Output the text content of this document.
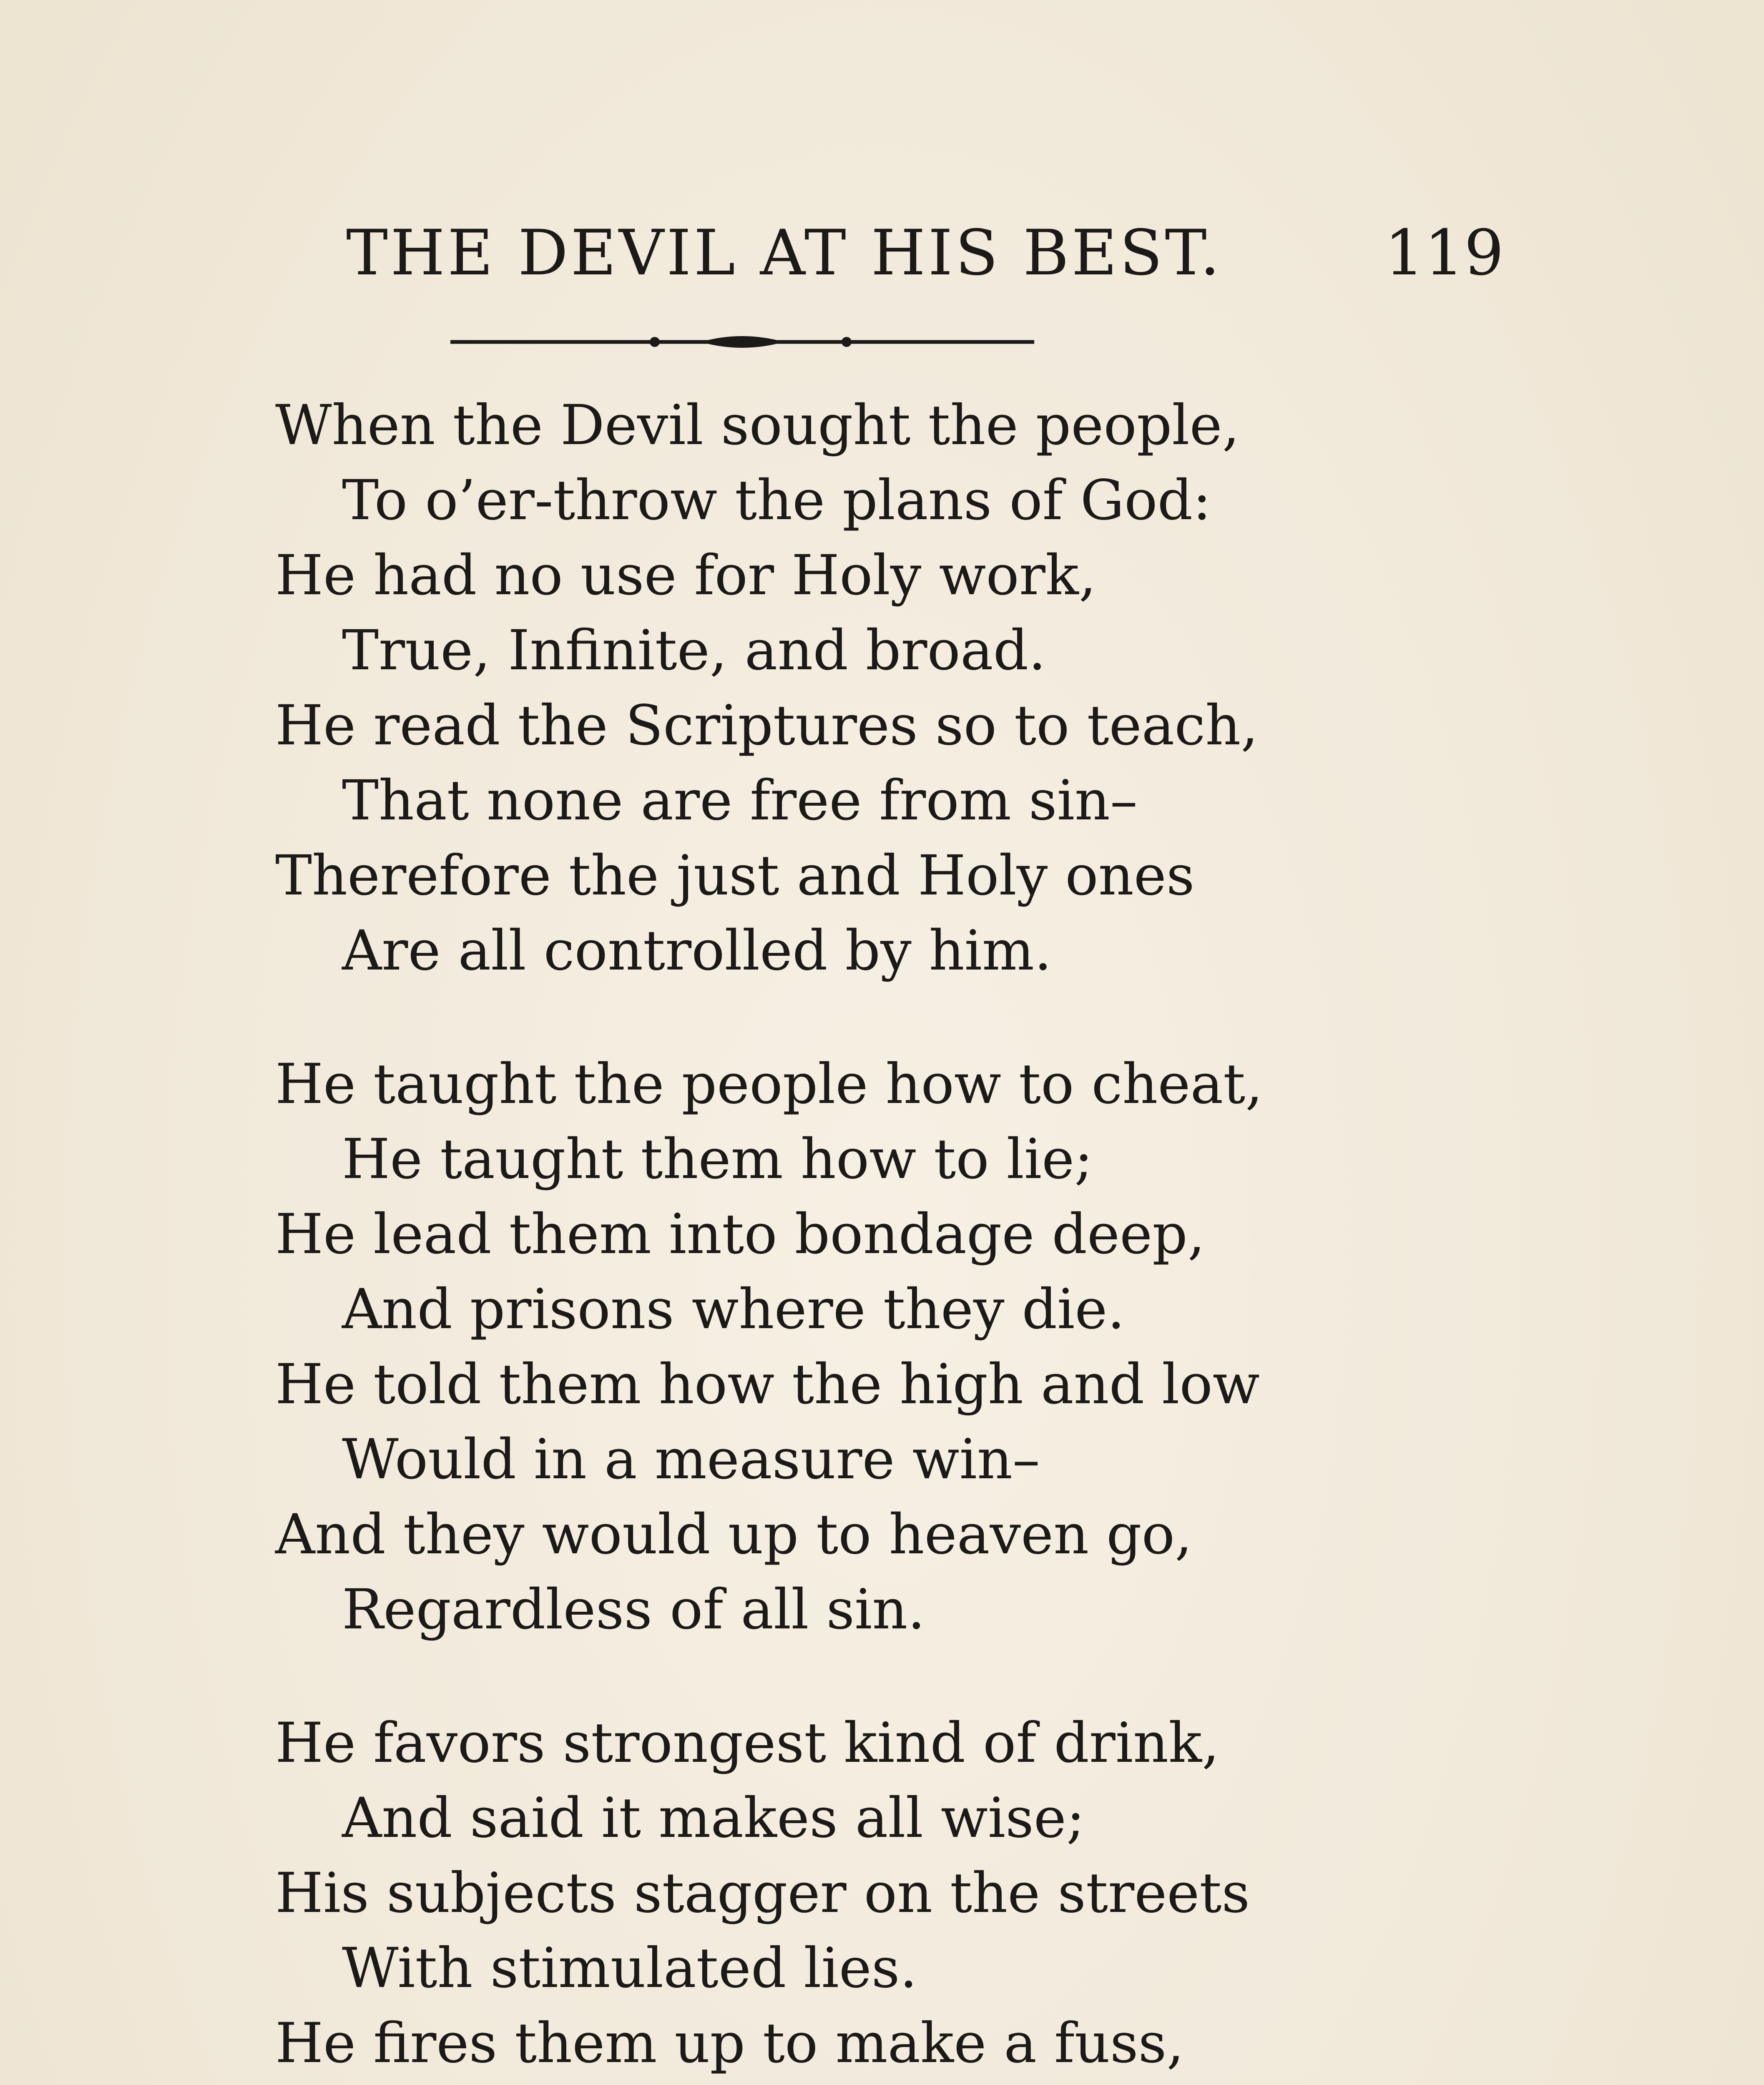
THE DEVIL AT HIS BEST.	119
When the Devil sought the people,
To o’er-throw the plans of God:
He had no use for Holy work,
True, Infinite, and broad.
He read the Scriptures so to teach,
That none are free from sin–
Therefore the just and Holy ones
Are all controlled by him.
He taught the people how to cheat,
He taught them how to lie;
He lead them into bondage deep,
And prisons where they die.
He told them how the high and low
Would in a measure win–
And they would up to heaven go,
Regardless of all sin.
He favors strongest kind of drink,
And said it makes all wise;
His subjects stagger on the streets
With stimulated lies.
He fires them up to make a fuss,
